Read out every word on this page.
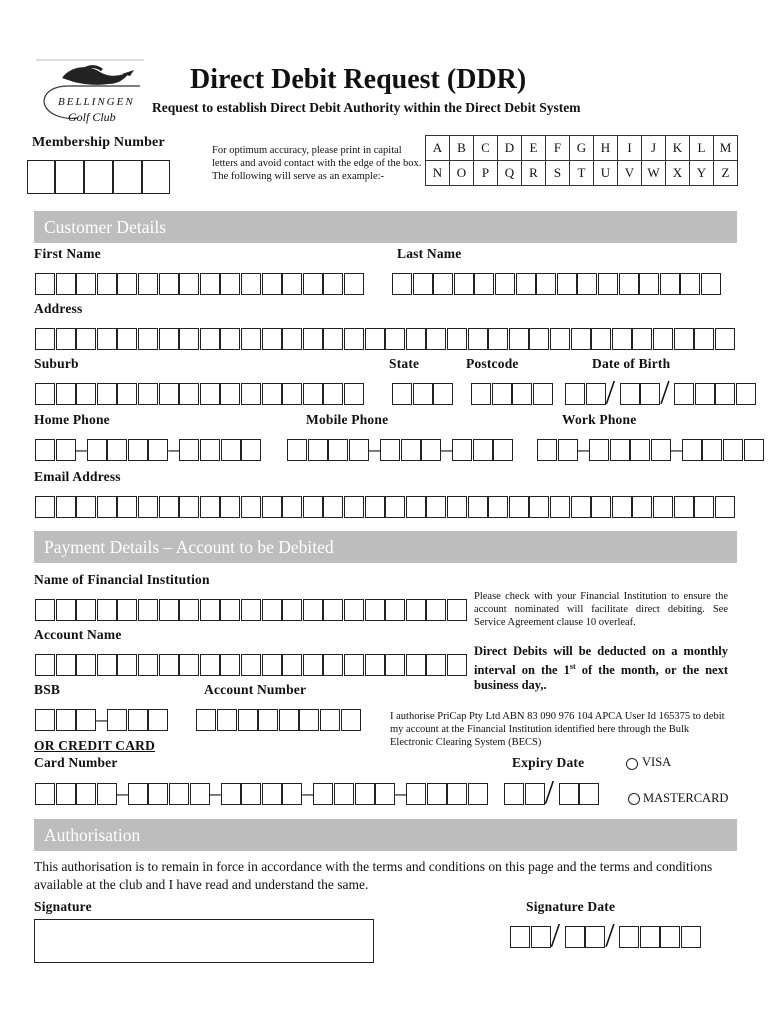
BELLINGEN
Golf Club
Direct Debit Request (DDR)
Request to establish Direct Debit Authority within the Direct Debit System
Membership Number
For optimum accuracy, please print in capital letters and avoid contact with the edge of the box. The following will serve as an example:-
A	B	C	D	E	F	G	H	I	J	K	L	M
N	O	P	Q	R	S	T	U	V	W	X	Y	Z
Customer Details
First Name	Last Name
Address
Suburb	State	Postcode	Date of Birth
/ /
Home Phone	Mobile Phone	Work Phone
–	–	–	–	–	–
Email Address
Payment Details – Account to be Debited
Name of Financial Institution
Please check with your Financial Institution to ensure the account nominated will facilitate direct debiting. See Service Agreement clause 10 overleaf.
Account Name
Direct Debits will be deducted on a monthly interval on the 1st of the month, or the next business day,.
BSB	Account Number
–	I authorise PriCap Pty Ltd ABN 83 090 976 104 APCA User Id 165375 to debit my account at the Financial Institution identified here through the Bulk Electronic Clearing System (BECS)
OR CREDIT CARD
Card Number	Expiry Date	VISA
MASTERCARD
–	–	–	–	/
Authorisation
This authorisation is to remain in force in accordance with the terms and conditions on this page and the terms and conditions available at the club and I have read and understand the same.
Signature	Signature Date
/ /
